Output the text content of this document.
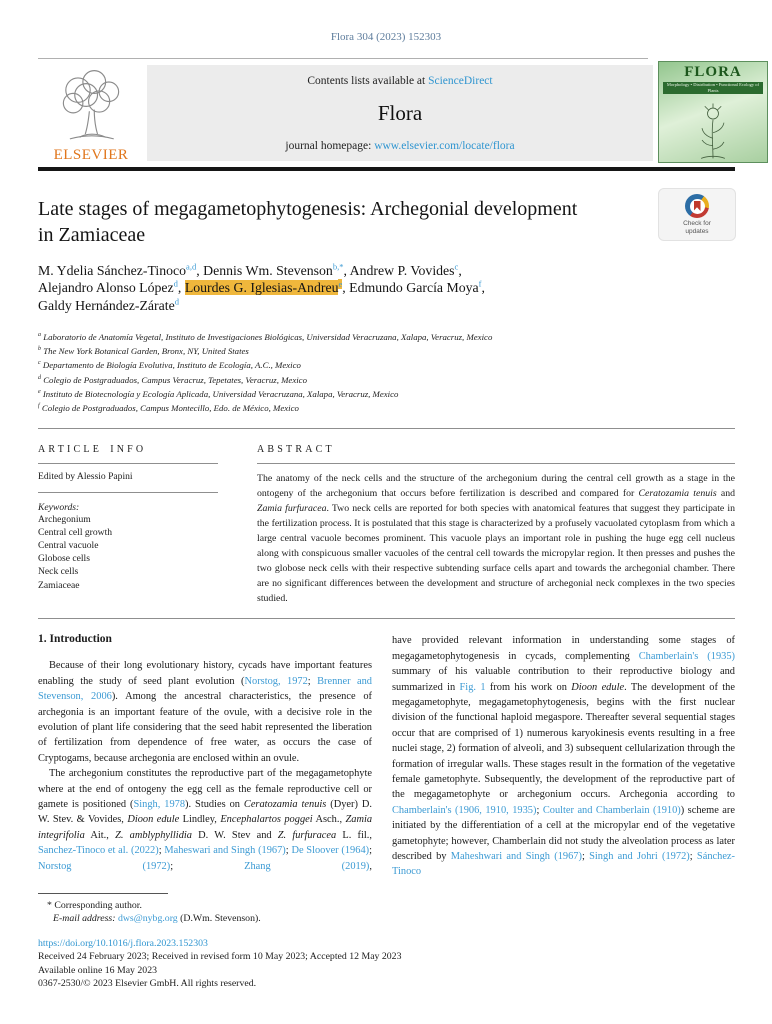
Flora 304 (2023) 152303
ELSEVIER
Contents lists available at ScienceDirect
Flora
journal homepage: www.elsevier.com/locate/flora
FLORA
Morphology • Distribution • Functional Ecology of Plants
Late stages of megagametophytogenesis: Archegonial development
in Zamiaceae
M. Ydelia Sánchez-Tinoco$^{a,d}$, Dennis Wm. Stevenson$^{b,*}$, Andrew P. Vovides$^c$,
Alejandro Alonso López$^d$, Lourdes G. Iglesias-Andreu$^e$, Edmundo García Moya$^f$,
Galdy Hernández-Zárate$^d$
$^a$ Laboratorio de Anatomía Vegetal, Instituto de Investigaciones Biológicas, Universidad Veracruzana, Xalapa, Veracruz, Mexico
$^b$ The New York Botanical Garden, Bronx, NY, United States
$^c$ Departamento de Biología Evolutiva, Instituto de Ecología, A.C., Mexico
$^d$ Colegio de Postgraduados, Campus Veracruz, Tepetates, Veracruz, Mexico
$^e$ Instituto de Biotecnología y Ecología Aplicada, Universidad Veracruzana, Xalapa, Veracruz, Mexico
$^f$ Colegio de Postgraduados, Campus Montecillo, Edo. de México, Mexico
ARTICLE INFO
Edited by Alessio Papini
Keywords:
Archegonium
Central cell growth
Central vacuole
Globose cells
Neck cells
Zamiaceae
ABSTRACT
The anatomy of the neck cells and the structure of the archegonium during the central cell growth as a stage in the ontogeny of the archegonium that occurs before fertilization is described and compared for Ceratozamia tenuis and Zamia furfuracea. Two neck cells are reported for both species with anatomical features that suggest they participate in the fertilization process. It is postulated that this stage is characterized by a profusely vacuolated cytoplasm from which a large central vacuole becomes prominent. This vacuole plays an important role in pushing the huge egg cell nucleus along with conspicuous smaller vacuoles of the central cell towards the micropylar region. It then presses and pushes the two globose neck cells with their respective subtending surface cells apart and towards the archegonial chamber. There are no significant differences between the development and structure of archegonial neck complexes in the two species studied.
1. Introduction
Because of their long evolutionary history, cycads have important features enabling the study of seed plant evolution (Norstog, 1972; Brenner and Stevenson, 2006). Among the ancestral characteristics, the presence of archegonia is an important feature of the ovule, with a decisive role in the evolution of plant life considering that the seed habit represented the liberation of fertilization from dependence of free water, as occurs the case of Cryptogams, because archegonia are enclosed within an ovule.
The archegonium constitutes the reproductive part of the megagametophyte where at the end of ontogeny the egg cell as the female reproductive cell or gamete is positioned (Singh, 1978). Studies on Ceratozamia tenuis (Dyer) D. W. Stev. & Vovides, Dioon edule Lindley, Encephalartos poggei Asch., Zamia integrifolia Ait., Z. amblyphyllidia D. W. Stev and Z. furfuracea L. fil., Sanchez-Tinoco et al. (2022); Maheswari and Singh (1967); De Sloover (1964); Norstog (1972); Zhang (2019),
have provided relevant information in understanding some stages of megagametophytogenesis in cycads, complementing Chamberlain's (1935) summary of his valuable contribution to their reproductive biology and summarized in Fig. 1 from his work on Dioon edule. The development of the megagametophyte, megagametophytogenesis, begins with the first nuclear division of the functional haploid megaspore. Thereafter several sequential stages occur that are comprised of 1) numerous karyokinesis events resulting in a free nuclei stage, 2) formation of alveoli, and 3) subsequent cellularization through the formation of irregular walls. These stages result in the formation of the vegetative female gametophyte. Subsequently, the development of the reproductive part of the megagametophyte or archegonium occurs. Archegonia according to Chamberlain's (1906, 1910, 1935); Coulter and Chamberlain (1910)) scheme are initiated by the differentiation of a cell at the micropylar end of the vegetative gametophyte; however, Chamberlain did not study the alveolation process as later described by Maheshwari and Singh (1967); Singh and Johri (1972); Sánchez-Tinoco
* Corresponding author.
E-mail address: dws@nybg.org (D.Wm. Stevenson).
https://doi.org/10.1016/j.flora.2023.152303
Received 24 February 2023; Received in revised form 10 May 2023; Accepted 12 May 2023
Available online 16 May 2023
0367-2530/© 2023 Elsevier GmbH. All rights reserved.
Check for
updates
